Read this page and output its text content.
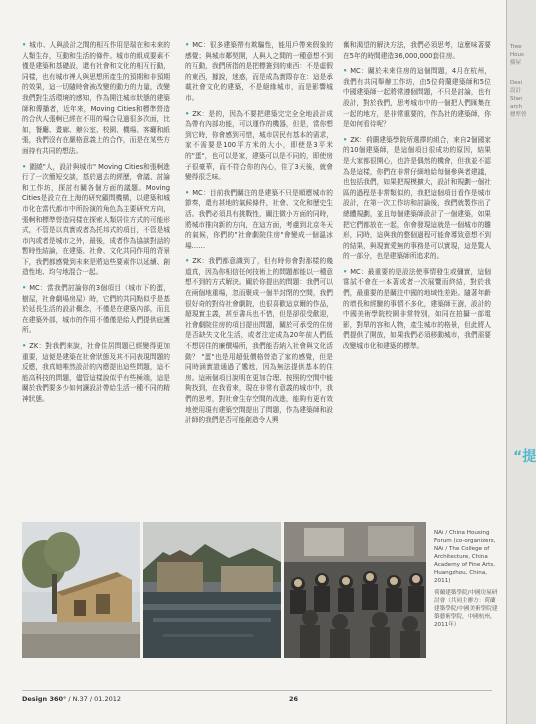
• 城市、人與設計之間的相互作用是瑞在和未來的人類生存，互動和生活的條件。城市的組成要素不僅是建築和基礎設，還有社會和文化的相互行動，同樣，也有城市裡人與思想所產生的預期和非預期的效果，這一切隨時會被改變的動力的力量，改變我們對生活環境的感知，作為開注城市狀態的建築師和傳播者，近年來，Moving Cities和標準營造的合伙人張軻已經在不用的場合見過很多次面，比如，餐廳、畫廊、辦公室、校園、機場、客廳和紙張，我們沒有在嚴格意義上的合作，而是在某些方面持有共同的想法。

• 圍繞"人，設計與城市" Moving Cities和張軻進行了一次簡短交談，基於過去的經歷，會議、討論和工作坊，探討有關各個方面的議題。Moving Cities是設立在上海的研究顧問機構，以建築和城市化在當代都市中所扮演的角色為主要研究方向，張軻和標準營造同樣在探索人類居住方式的可能形式，不管是以真實或者為托邦式的項目，不管是城市內或者是城市之外，最後，成者作為協談對話的暫時性結論，在建築、社會、文化共同作用的背景下，我們都感覺到未來是將這些要素作以延續、創造性地、均勻地混合一起。

• MC：當我們討論你的3個項目（城市下的蛋，樹屋，社會劇場房屋）時，它們的共同點似乎是基於延長生活的設計概念，不僅是在建築內部，而且在建築外部，城市的作用不僅僅是給人們提供庇護所。

• ZK：對我們來說，社會住居問題已經變得更加重要，這便是建築在社會狀態及其不同表現問題的反應，我真她唯然設計的內應提出這些問題，這不能高科技的問題，儘管這樣說似乎有些極端，這是關於我們要多少如何讓設計帶給生活一種不同的精神狀態。

• MC：很多建築帶有欺騙性，能用戶帶來假象的感覺；與城市鄰契開，人與人之間的一種意想不到的互動，我們所指的是把標簽到的東西：不是虛假的東西，據說，迷惑，而是成為實際存在：這是承載社會文化的建築，不是絕緣城市，而是影響城市。

• ZK：是的，因為不要把建築完完全全地設計成為帶有內部功能，可以運作的機器，但是，當你想到它時，你會感到可惜，城市居民有基本的需求，家不需要是100平方米的大小，即使是3平米的"蛋"，也可以是家，建築可以是不同的，即使房子很豪華，而不符合你的內心，住了3天後，就會變得很乏味。

• MC：目前我們關注的是建築不只是順應城市的節奏，還有甚地的氣候條件，社會、文化和歷史生活。我們必須具有挑戰性，關注微小方面的同時，將城市推向新的方向，在這方面，考慮到北京冬天的氣候，你們的"社會劇院住房"會變成一個溫冰場……

• ZK：我們都意識到了，但有時你會對那樣的幾道真，因為你相信任何技術上的問題都能以一種意想不到的方式解決。關於你提出的問題：我們可以在兩個地重場，忽而聚成一個半封閉的空間，我們很好奇的對待社會劇院，也很喜歡這京爾的作品，超現實主義，甚至書兵也不惜，但是卻很受歡迎，社會劇院住房的項目提出問題，關於可承受的住房是否缺失文化生活，或者注定成為20年前人們低不想居住的廉價場所，我們能否納入社會與文化活動？ "蛋"也是用超低價格營造了家的感覺，但是同時涵實證通過了尷尬，因為無法提供基本的住房。這兩個項目說明在更加合理、按照的空間中能夠找到，在我看來，現在非常有意義的城市中，我們的思考，對社會生存空間的改進，能夠有更有效地使用現有建築空間提出了問題，作為建築師和設計師的我們是否可能創造令人興

奮和渴望的解決方法，我們必須思考，這麼味著要在5年的時間建造36,000,000套住房。

• MC：關於未來住房的這個問題，4月在杭州，我們有共同舉辦工作坊，由5位荷蘭建築師和5位中國建築師一起將常遵個問題，不只是討論，也有設計，對於我們，思考城市中的一個把人們匯集在一起的地方，是非常重要的，作為社的建築師，你是如何看待呢？

• ZK：荷蘭建築學院所選擇的組合，來自2個國家的10個建築師，是這個項目很成功的原因，結果是大家都很開心，也許是偶然的機會，但我並不認為是這樣，你們在非常仔細地給每個參與者建議，也包括我們，如果把規模擴大，設計和規劃一個社區的過程是非常類似的，我把這個項目看作是城市設計，在第一次工作坊和討論後，我們就製作出了總體規劃，並且每個建築師設計了一個建築，如果把它們都放在一起，你會發現這就是一個城市的雛形，同時，這與我的整個過程可能會導致意想不到的結果，與現實愛無的事務是可以實現，這是驚人的一部分，也是建築師所追求的。

• MC：最重要的是設法使事情發生或彌實，這個嘗試不會在一本著或者一次展覽而終結，對於我們，最重要的是關注中國的地域性差距。隨著年齡的增長和經驗的事情不多化，建築師王澍，設計的中國美術學院校園非常特別，如同在拍攝一部電影，對單的容和人物，產生城市的格景，但此將人們提供了開放，如果我們必須移動城市，我們需要改變城市化和建築的標準。

NAi / China Housing Forum (co-organizers, NAi / The College of Architecture, China Academy of Fine Arts, Huangzhou, China, 2011)

荷蘭建築學院/中國房屋研討會（共同主辦方：荷蘭建築學院/中國美術學院建築藝術學院，中國杭州，2011年）

Design 360° / N.37 / 01.2012	26
Tree
Hous
樹屋
Desi
設計
Stan
arch
標準營
“提
